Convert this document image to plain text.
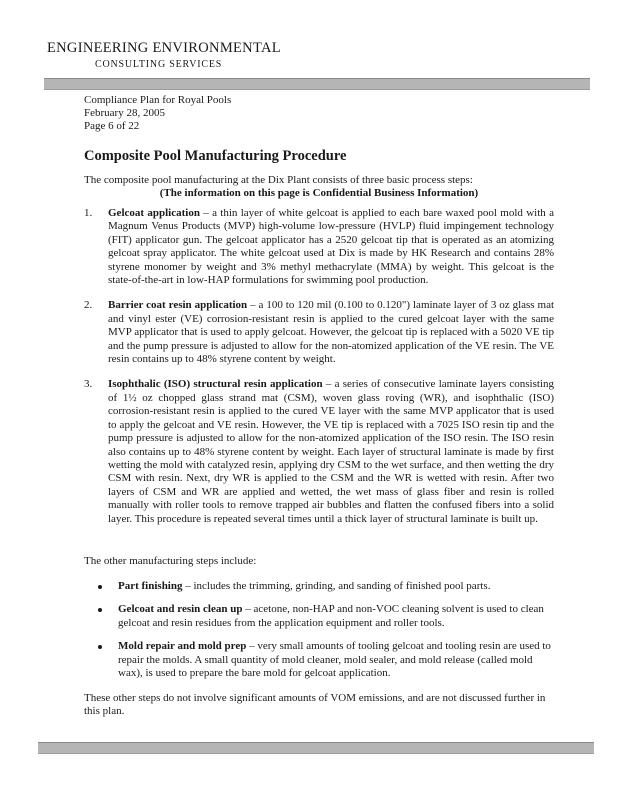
ENGINEERING ENVIRONMENTAL
CONSULTING SERVICES
Compliance Plan for Royal Pools
February 28, 2005
Page 6 of 22
Composite Pool Manufacturing Procedure
The composite pool manufacturing at the Dix Plant consists of three basic process steps:
(The information on this page is Confidential Business Information)
1. Gelcoat application – a thin layer of white gelcoat is applied to each bare waxed pool mold with a Magnum Venus Products (MVP) high-volume low-pressure (HVLP) fluid impingement technology (FIT) applicator gun. The gelcoat applicator has a 2520 gelcoat tip that is operated as an atomizing gelcoat spray applicator. The white gelcoat used at Dix is made by HK Research and contains 28% styrene monomer by weight and 3% methyl methacrylate (MMA) by weight. This gelcoat is the state-of-the-art in low-HAP formulations for swimming pool production.
2. Barrier coat resin application – a 100 to 120 mil (0.100 to 0.120") laminate layer of 3 oz glass mat and vinyl ester (VE) corrosion-resistant resin is applied to the cured gelcoat layer with the same MVP applicator that is used to apply gelcoat. However, the gelcoat tip is replaced with a 5020 VE tip and the pump pressure is adjusted to allow for the non-atomized application of the VE resin. The VE resin contains up to 48% styrene content by weight.
3. Isophthalic (ISO) structural resin application – a series of consecutive laminate layers consisting of 1½ oz chopped glass strand mat (CSM), woven glass roving (WR), and isophthalic (ISO) corrosion-resistant resin is applied to the cured VE layer with the same MVP applicator that is used to apply the gelcoat and VE resin. However, the VE tip is replaced with a 7025 ISO resin tip and the pump pressure is adjusted to allow for the non-atomized application of the ISO resin. The ISO resin also contains up to 48% styrene content by weight. Each layer of structural laminate is made by first wetting the mold with catalyzed resin, applying dry CSM to the wet surface, and then wetting the dry CSM with resin. Next, dry WR is applied to the CSM and the WR is wetted with resin. After two layers of CSM and WR are applied and wetted, the wet mass of glass fiber and resin is rolled manually with roller tools to remove trapped air bubbles and flatten the confused fibers into a solid layer. This procedure is repeated several times until a thick layer of structural laminate is built up.
The other manufacturing steps include:
Part finishing – includes the trimming, grinding, and sanding of finished pool parts.
Gelcoat and resin clean up – acetone, non-HAP and non-VOC cleaning solvent is used to clean gelcoat and resin residues from the application equipment and roller tools.
Mold repair and mold prep – very small amounts of tooling gelcoat and tooling resin are used to repair the molds. A small quantity of mold cleaner, mold sealer, and mold release (called mold wax), is used to prepare the bare mold for gelcoat application.
These other steps do not involve significant amounts of VOM emissions, and are not discussed further in this plan.
